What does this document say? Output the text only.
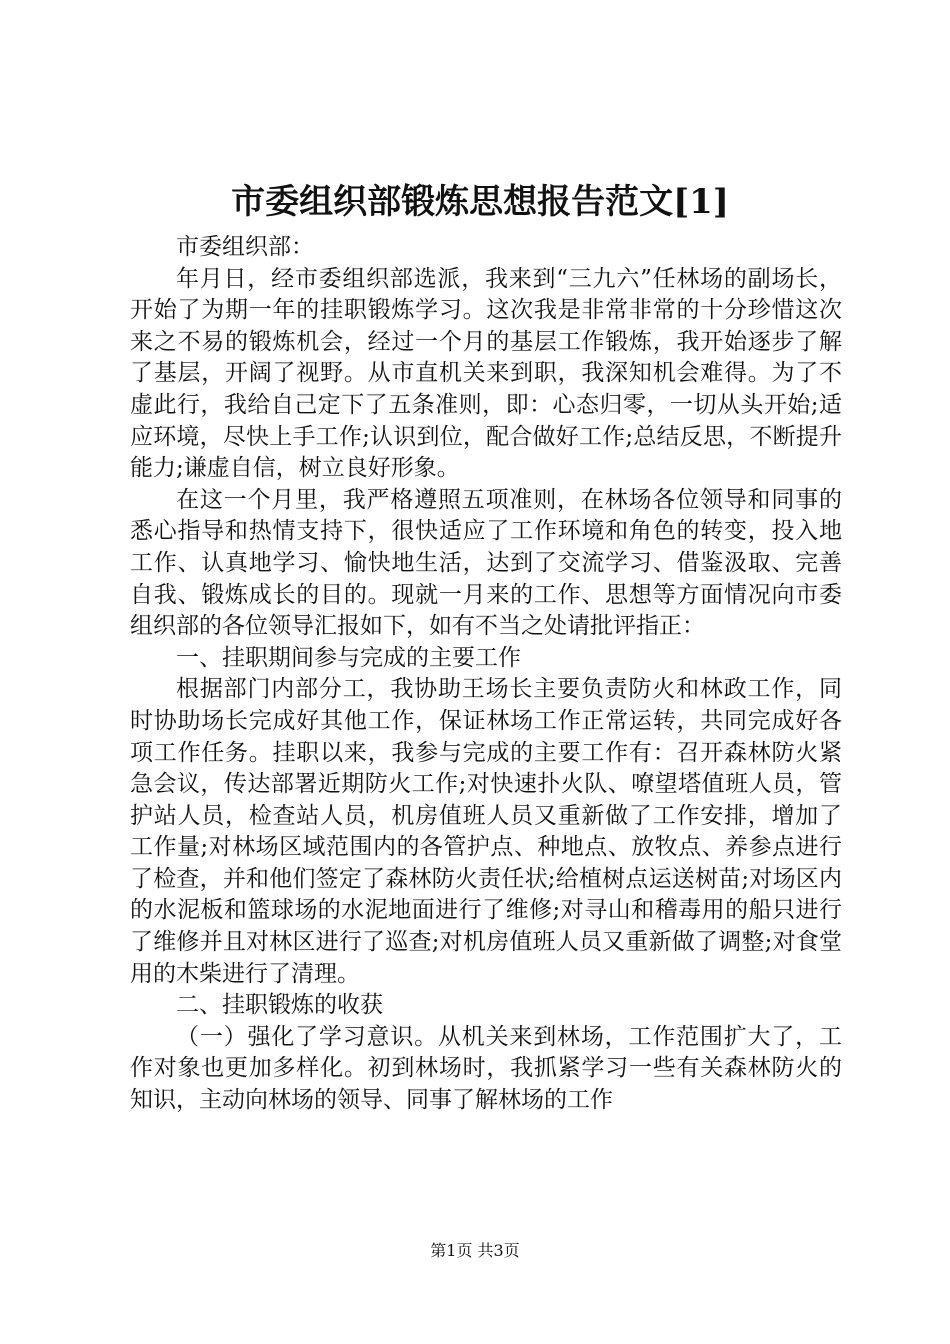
市委组织部锻炼思想报告范文[1]

市委组织部：

年月日，经市委组织部选派，我来到“三九六”任林场的副场长，开始了为期一年的挂职锻炼学习。这次我是非常非常的十分珍惜这次来之不易的锻炼机会，经过一个月的基层工作锻炼，我开始逐步了解了基层，开阔了视野。从市直机关来到职，我深知机会难得。为了不虚此行，我给自己定下了五条准则，即：心态归零，一切从头开始;适应环境，尽快上手工作;认识到位，配合做好工作;总结反思，不断提升能力;谦虚自信，树立良好形象。

在这一个月里，我严格遵照五项准则，在林场各位领导和同事的悉心指导和热情支持下，很快适应了工作环境和角色的转变，投入地工作、认真地学习、愉快地生活，达到了交流学习、借鉴汲取、完善自我、锻炼成长的目的。现就一月来的工作、思想等方面情况向市委组织部的各位领导汇报如下，如有不当之处请批评指正：

一、挂职期间参与完成的主要工作

根据部门内部分工，我协助王场长主要负责防火和林政工作，同时协助场长完成好其他工作，保证林场工作正常运转，共同完成好各项工作任务。挂职以来，我参与完成的主要工作有：召开森林防火紧急会议，传达部署近期防火工作;对快速扑火队、嘹望塔值班人员，管护站人员，检查站人员，机房值班人员又重新做了工作安排，增加了工作量;对林场区域范围内的各管护点、种地点、放牧点、养参点进行了检查，并和他们签定了森林防火责任状;给植树点运送树苗;对场区内的水泥板和篮球场的水泥地面进行了维修;对寻山和稽毒用的船只进行了维修并且对林区进行了巡查;对机房值班人员又重新做了调整;对食堂用的木柴进行了清理。

二、挂职锻炼的收获

（一）强化了学习意识。从机关来到林场，工作范围扩大了，工作对象也更加多样化。初到林场时，我抓紧学习一些有关森林防火的知识，主动向林场的领导、同事了解林场的工作

第1页 共3页
